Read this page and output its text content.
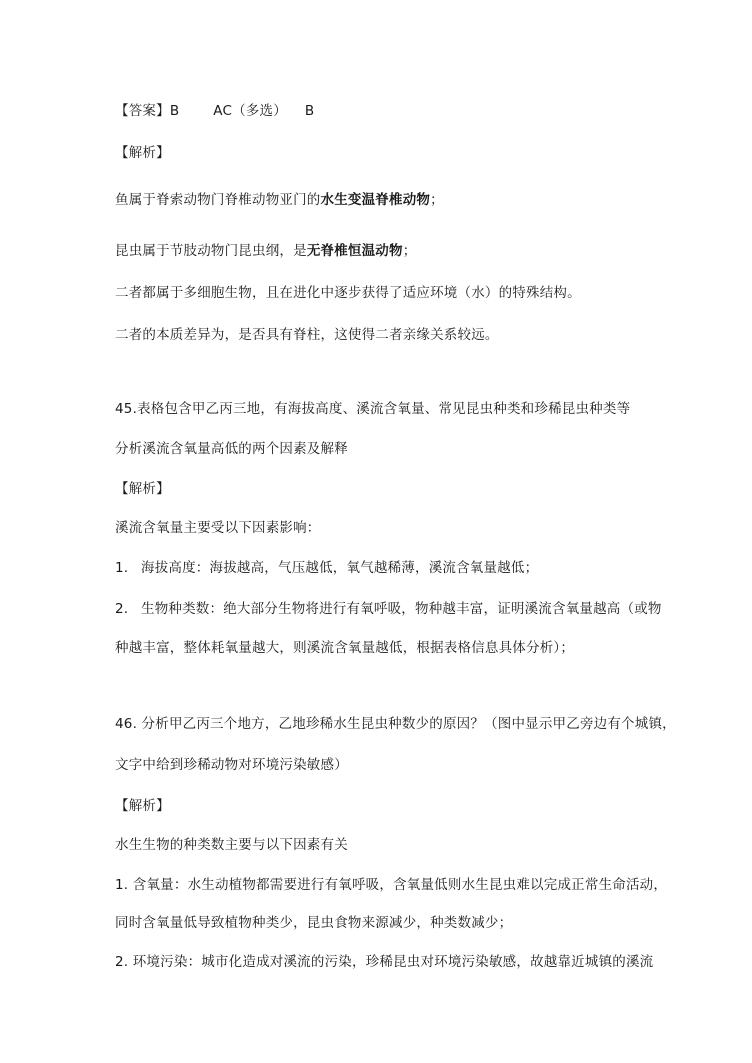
【答案】B	AC（多选） B
【解析】
鱼属于脊索动物门脊椎动物亚门的水生变温脊椎动物；
昆虫属于节肢动物门昆虫纲，是无脊椎恒温动物；
二者都属于多细胞生物，且在进化中逐步获得了适应环境（水）的特殊结构。
二者的本质差异为，是否具有脊柱，这使得二者亲缘关系较远。
45.表格包含甲乙丙三地，有海拔高度、溪流含氧量、常见昆虫种类和珍稀昆虫种类等
分析溪流含氧量高低的两个因素及解释
【解析】
溪流含氧量主要受以下因素影响：
1. 海拔高度：海拔越高，气压越低，氧气越稀薄，溪流含氧量越低；
2. 生物种类数：绝大部分生物将进行有氧呼吸，物种越丰富，证明溪流含氧量越高（或物
种越丰富，整体耗氧量越大，则溪流含氧量越低，根据表格信息具体分析）；
46. 分析甲乙丙三个地方，乙地珍稀水生昆虫种数少的原因？（图中显示甲乙旁边有个城镇，
文字中给到珍稀动物对环境污染敏感）
【解析】
水生生物的种类数主要与以下因素有关
1. 含氧量：水生动植物都需要进行有氧呼吸，含氧量低则水生昆虫难以完成正常生命活动，
同时含氧量低导致植物种类少，昆虫食物来源减少，种类数减少；
2. 环境污染：城市化造成对溪流的污染，珍稀昆虫对环境污染敏感，故越靠近城镇的溪流
